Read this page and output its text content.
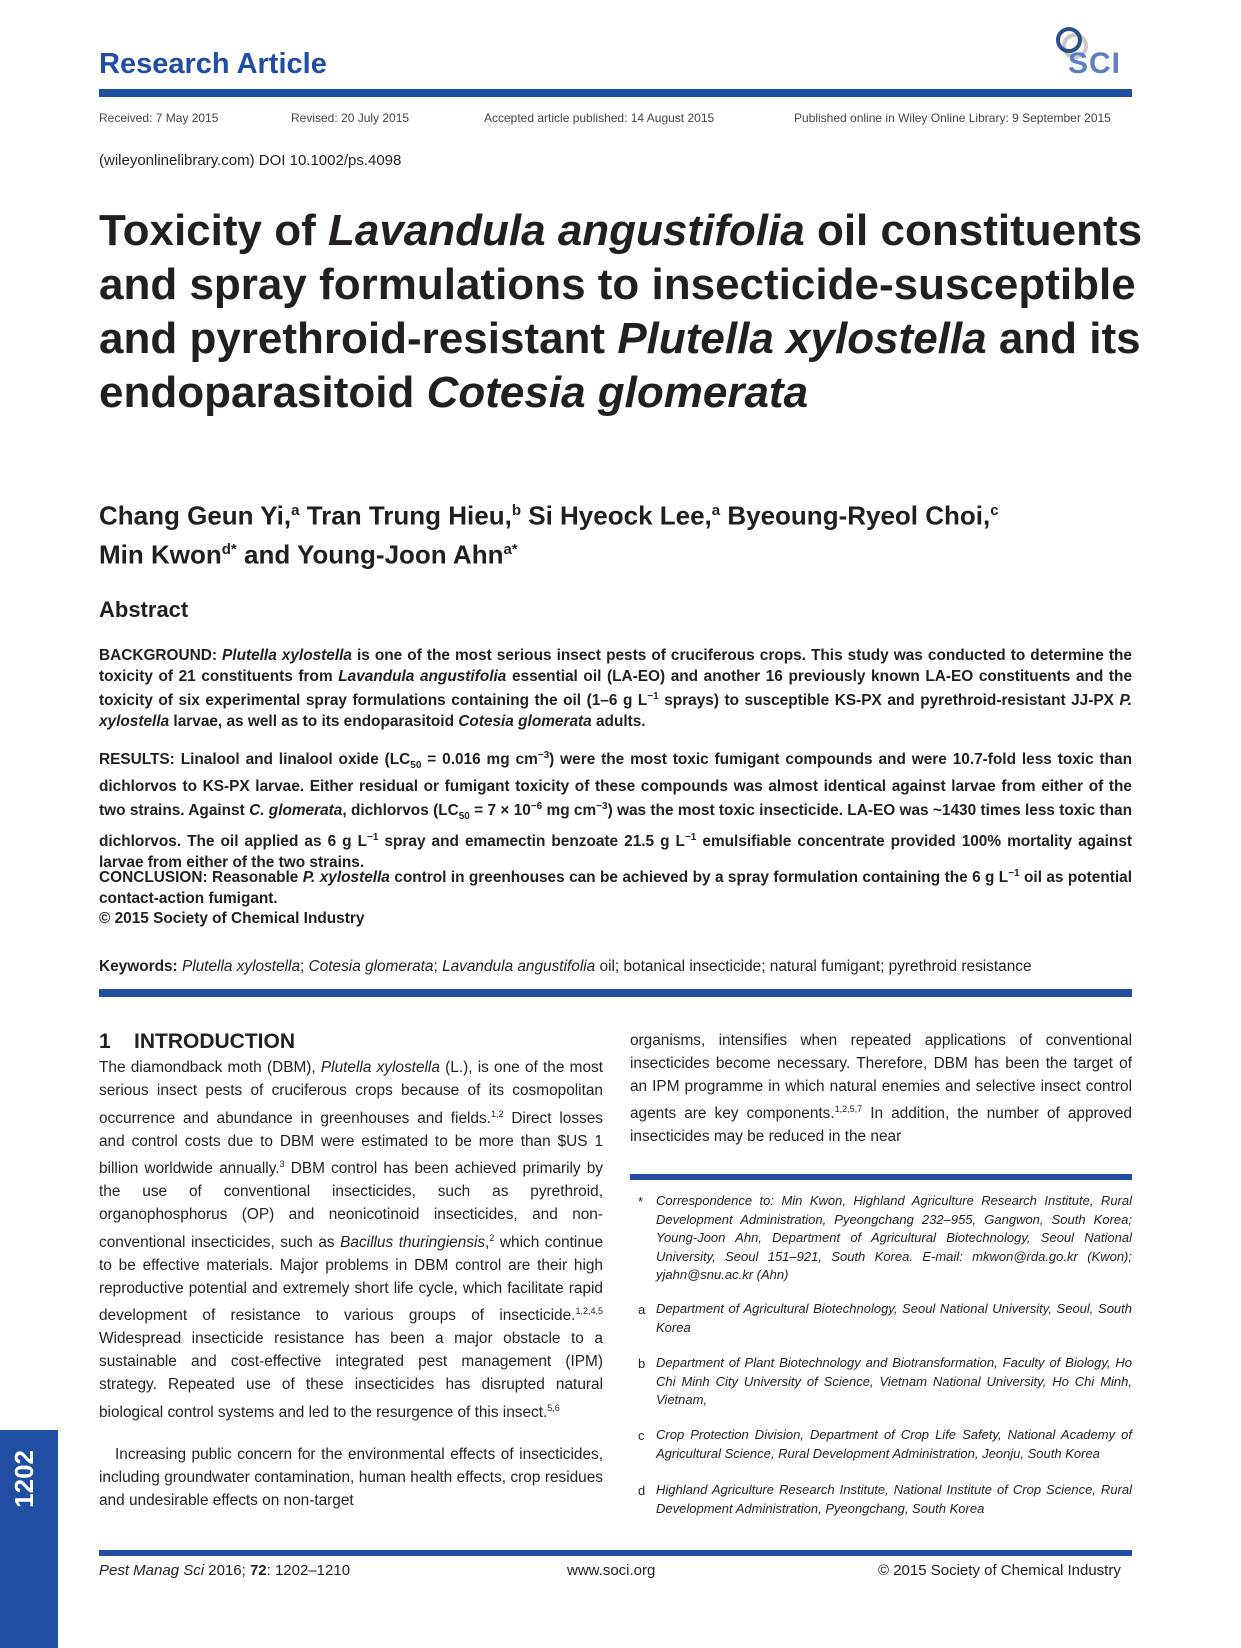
Research Article	SCI
Received: 7 May 2015	Revised: 20 July 2015	Accepted article published: 14 August 2015	Published online in Wiley Online Library: 9 September 2015
(wileyonlinelibrary.com) DOI 10.1002/ps.4098
Toxicity of Lavandula angustifolia oil constituents and spray formulations to insecticide-susceptible and pyrethroid-resistant Plutella xylostella and its endoparasitoid Cotesia glomerata
Chang Geun Yi,$^a$ Tran Trung Hieu,$^b$ Si Hyeock Lee,$^a$ Byeoung-Ryeol Choi,$^c$
Min Kwon$^{d*}$ and Young-Joon Ahn$^{a*}$
Abstract
BACKGROUND: Plutella xylostella is one of the most serious insect pests of cruciferous crops. This study was conducted to determine the toxicity of 21 constituents from Lavandula angustifolia essential oil (LA-EO) and another 16 previously known LA-EO constituents and the toxicity of six experimental spray formulations containing the oil (1–6 g $L^{-1}$ sprays) to susceptible KS-PX and pyrethroid-resistant JJ-PX P. xylostella larvae, as well as to its endoparasitoid Cotesia glomerata adults.
RESULTS: Linalool and linalool oxide ($LC_{50} = 0.016$ mg $cm^{-3}$) were the most toxic fumigant compounds and were 10.7-fold less toxic than dichlorvos to KS-PX larvae. Either residual or fumigant toxicity of these compounds was almost identical against larvae from either of the two strains. Against C. glomerata, dichlorvos ($LC_{50} = 7 \times 10^{-6}$ mg $cm^{-3}$) was the most toxic insecticide. LA-EO was ~1430 times less toxic than dichlorvos. The oil applied as 6 g $L^{-1}$ spray and emamectin benzoate 21.5 g $L^{-1}$ emulsifiable concentrate provided 100% mortality against larvae from either of the two strains.
CONCLUSION: Reasonable P. xylostella control in greenhouses can be achieved by a spray formulation containing the 6 g $L^{-1}$ oil as potential contact-action fumigant.
© 2015 Society of Chemical Industry
Keywords: Plutella xylostella; Cotesia glomerata; Lavandula angustifolia oil; botanical insecticide; natural fumigant; pyrethroid resistance
1    INTRODUCTION
The diamondback moth (DBM), Plutella xylostella (L.), is one of the most serious insect pests of cruciferous crops because of its cosmopolitan occurrence and abundance in greenhouses and fields.$^{1,2}$ Direct losses and control costs due to DBM were estimated to be more than $US 1 billion worldwide annually.$^3$ DBM control has been achieved primarily by the use of conventional insecticides, such as pyrethroid, organophosphorus (OP) and neonicotinoid insecticides, and non-conventional insecticides, such as Bacillus thuringiensis,$^2$ which continue to be effective materials. Major problems in DBM control are their high reproductive potential and extremely short life cycle, which facilitate rapid development of resistance to various groups of insecticide.$^{1,2,4,5}$ Widespread insecticide resistance has been a major obstacle to a sustainable and cost-effective integrated pest management (IPM) strategy. Repeated use of these insecticides has disrupted natural biological control systems and led to the resurgence of this insect.$^{5,6}$
Increasing public concern for the environmental effects of insecticides, including groundwater contamination, human health effects, crop residues and undesirable effects on non-target
organisms, intensifies when repeated applications of conventional insecticides become necessary. Therefore, DBM has been the target of an IPM programme in which natural enemies and selective insect control agents are key components.$^{1,2,5,7}$ In addition, the number of approved insecticides may be reduced in the near
* Correspondence to: Min Kwon, Highland Agriculture Research Institute, Rural Development Administration, Pyeongchang 232–955, Gangwon, South Korea; Young-Joon Ahn, Department of Agricultural Biotechnology, Seoul National University, Seoul 151–921, South Korea. E-mail: mkwon@rda.go.kr (Kwon); yjahn@snu.ac.kr (Ahn)
a Department of Agricultural Biotechnology, Seoul National University, Seoul, South Korea
b Department of Plant Biotechnology and Biotransformation, Faculty of Biology, Ho Chi Minh City University of Science, Vietnam National University, Ho Chi Minh, Vietnam,
c Crop Protection Division, Department of Crop Life Safety, National Academy of Agricultural Science, Rural Development Administration, Jeonju, South Korea
d Highland Agriculture Research Institute, National Institute of Crop Science, Rural Development Administration, Pyeongchang, South Korea
1202
Pest Manag Sci 2016; 72: 1202–1210	www.soci.org	© 2015 Society of Chemical Industry
